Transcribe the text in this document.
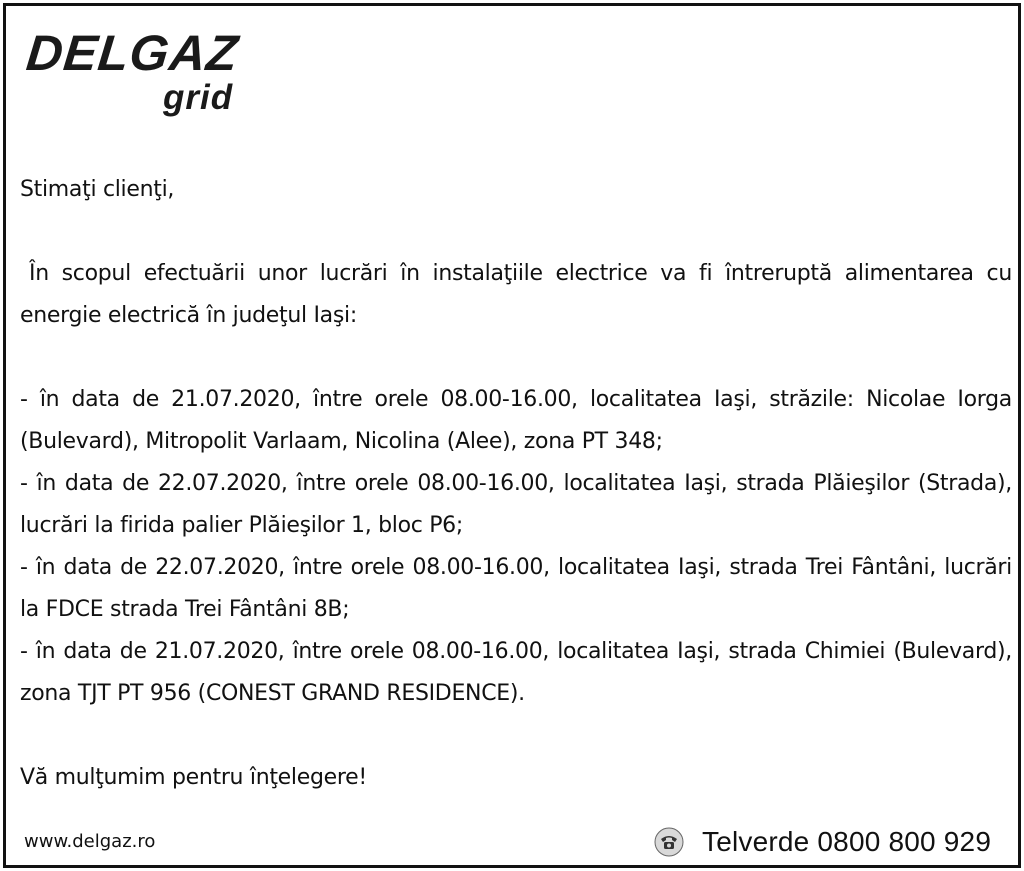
DELGAZ
grid

Stimaţi clienţi,

În scopul efectuării unor lucrări în instalaţiile electrice va fi întreruptă alimentarea cu energie electrică în judeţul Iaşi:

- în data de 21.07.2020, între orele 08.00-16.00, localitatea Iaşi, străzile: Nicolae Iorga (Bulevard), Mitropolit Varlaam, Nicolina (Alee), zona PT 348;
- în data de 22.07.2020, între orele 08.00-16.00, localitatea Iaşi, strada Plăieşilor (Strada), lucrări la firida palier Plăieşilor 1, bloc P6;
- în data de 22.07.2020, între orele 08.00-16.00, localitatea Iaşi, strada Trei Fântâni, lucrări la FDCE strada Trei Fântâni 8B;
- în data de 21.07.2020, între orele 08.00-16.00, localitatea Iaşi, strada Chimiei (Bulevard), zona TJT PT 956 (CONEST GRAND RESIDENCE).

Vă mulţumim pentru înţelegere!

www.delgaz.ro	Telverde 0800 800 929
